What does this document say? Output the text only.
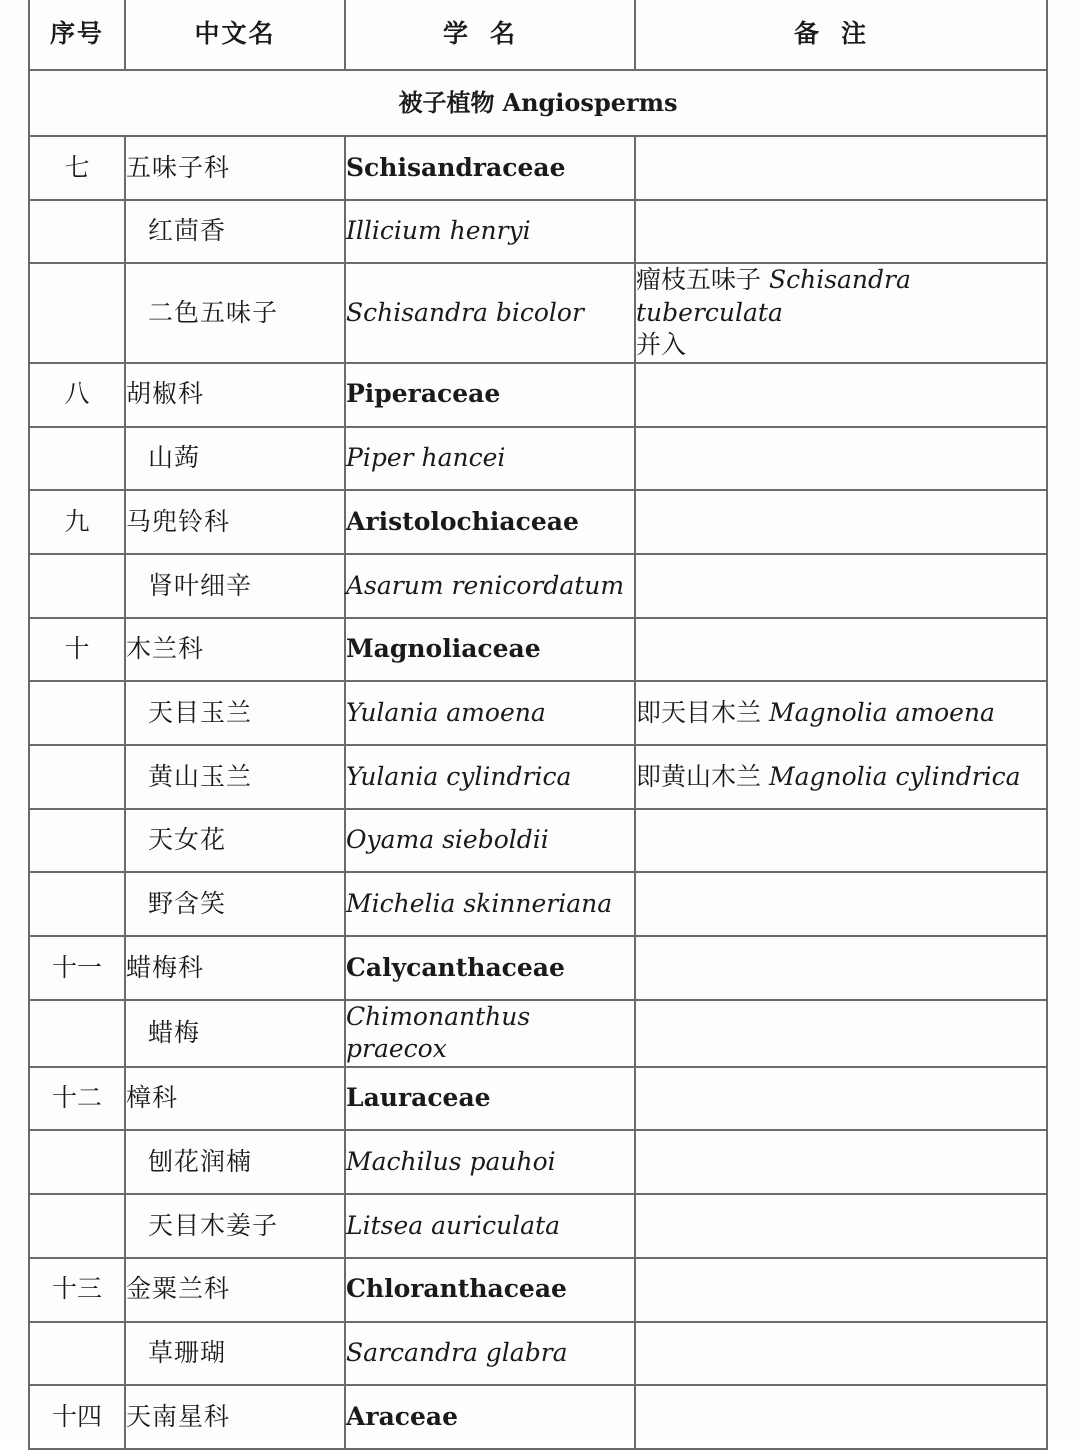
序号	中文名	学名	备注
被子植物 Angiosperms			
七	五味子科	Schisandraceae	
	红茴香	Illicium henryi	
	二色五味子	Schisandra bicolor	瘤枝五味子 Schisandra tuberculata
并入
八	胡椒科	Piperaceae	
	山蒟	Piper hancei	
九	马兜铃科	Aristolochiaceae	
	肾叶细辛	Asarum renicordatum	
十	木兰科	Magnoliaceae	
	天目玉兰	Yulania amoena	即天目木兰 Magnolia amoena
	黄山玉兰	Yulania cylindrica	即黄山木兰 Magnolia cylindrica
	天女花	Oyama sieboldii	
	野含笑	Michelia skinneriana	
十一	蜡梅科	Calycanthaceae	
	蜡梅	Chimonanthus praecox	
十二	樟科	Lauraceae	
	刨花润楠	Machilus pauhoi	
	天目木姜子	Litsea auriculata	
十三	金粟兰科	Chloranthaceae	
	草珊瑚	Sarcandra glabra	
十四	天南星科	Araceae	
